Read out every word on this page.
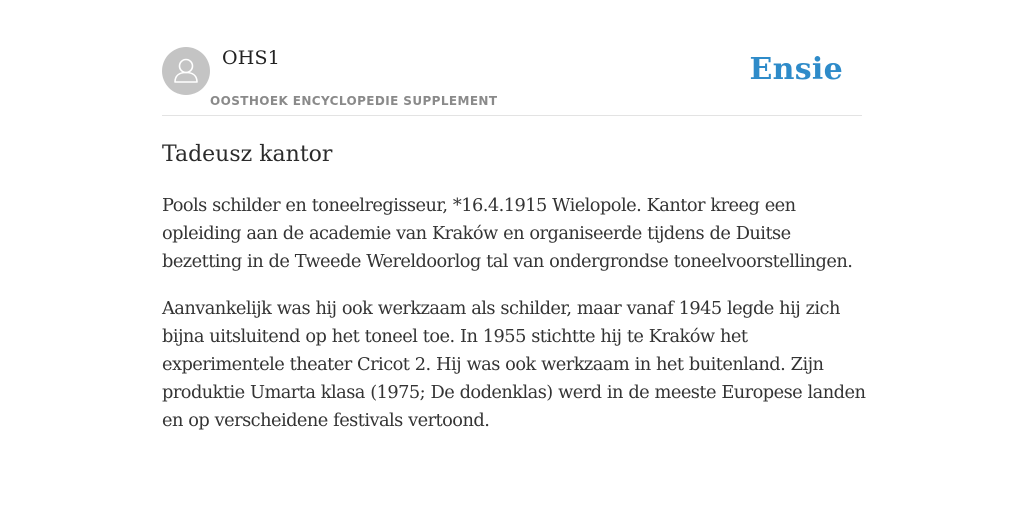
OHS1
OOSTHOEK ENCYCLOPEDIE SUPPLEMENT
Ensie
Tadeusz kantor

Pools schilder en toneelregisseur, *16.4.1915 Wielopole. Kantor kreeg een
opleiding aan de academie van Kraków en organiseerde tijdens de Duitse
bezetting in de Tweede Wereldoorlog tal van ondergrondse toneelvoorstellingen.

Aanvankelijk was hij ook werkzaam als schilder, maar vanaf 1945 legde hij zich
bijna uitsluitend op het toneel toe. In 1955 stichtte hij te Kraków het
experimentele theater Cricot 2. Hij was ook werkzaam in het buitenland. Zijn
produktie Umarta klasa (1975; De dodenklas) werd in de meeste Europese landen
en op verscheidene festivals vertoond.
